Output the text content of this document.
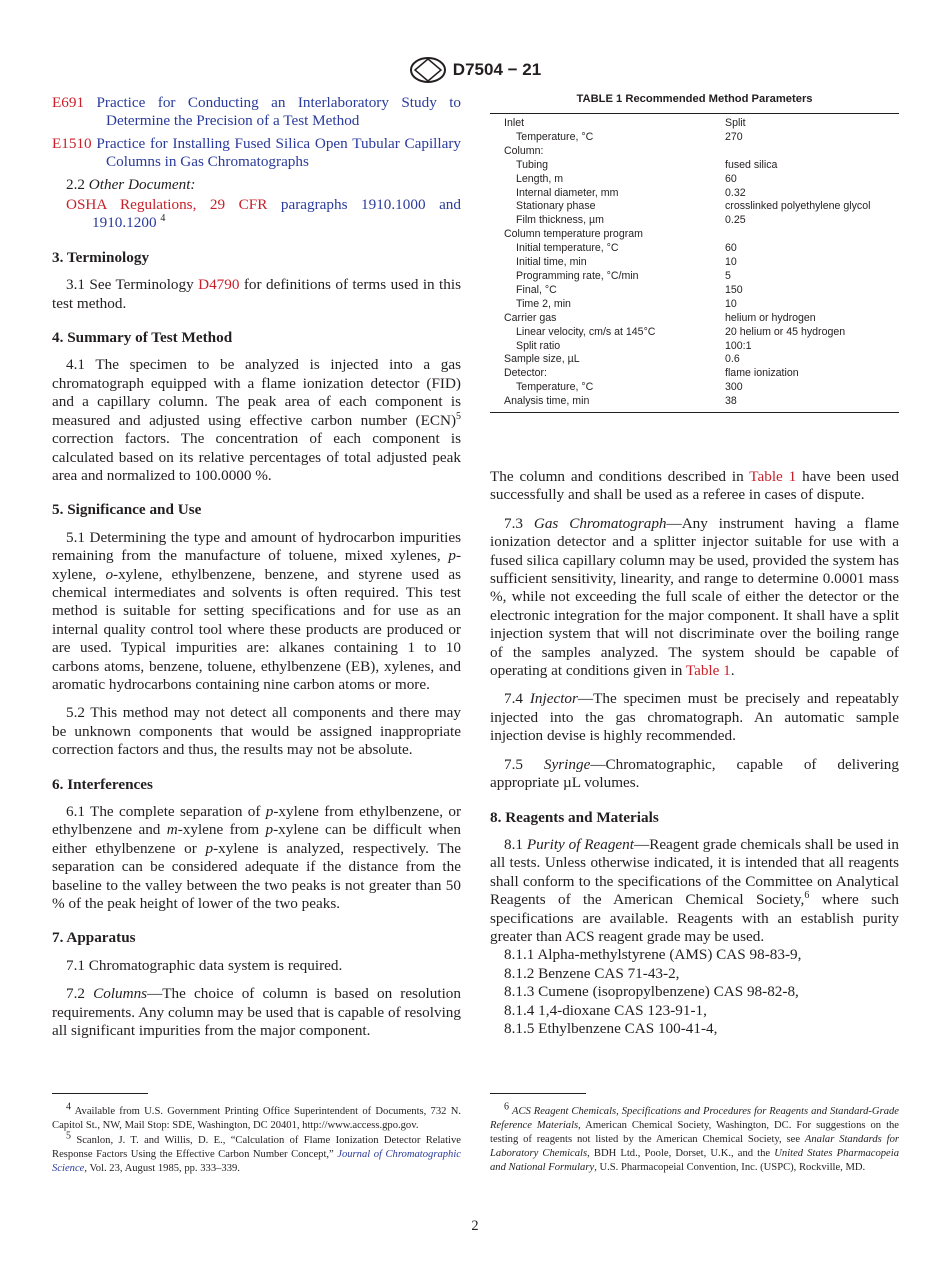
D7504 − 21

E691 Practice for Conducting an Interlaboratory Study to Determine the Precision of a Test Method

E1510 Practice for Installing Fused Silica Open Tubular Capillary Columns in Gas Chromatographs

2.2 Other Document:

OSHA Regulations, 29 CFR paragraphs 1910.1000 and 1910.1200 $^4$

3. Terminology

3.1 See Terminology D4790 for definitions of terms used in this test method.

4. Summary of Test Method

4.1 The specimen to be analyzed is injected into a gas chromatograph equipped with a flame ionization detector (FID) and a capillary column. The peak area of each component is measured and adjusted using effective carbon number (ECN)$^5$ correction factors. The concentration of each component is calculated based on its relative percentages of total adjusted peak area and normalized to 100.0000 %.

5. Significance and Use

5.1 Determining the type and amount of hydrocarbon impurities remaining from the manufacture of toluene, mixed xylenes, p-xylene, o-xylene, ethylbenzene, benzene, and styrene used as chemical intermediates and solvents is often required. This test method is suitable for setting specifications and for use as an internal quality control tool where these products are produced or are used. Typical impurities are: alkanes containing 1 to 10 carbons atoms, benzene, toluene, ethylbenzene (EB), xylenes, and aromatic hydrocarbons containing nine carbon atoms or more.

5.2 This method may not detect all components and there may be unknown components that would be assigned inappropriate correction factors and thus, the results may not be absolute.

6. Interferences

6.1 The complete separation of p-xylene from ethylbenzene, or ethylbenzene and m-xylene from p-xylene can be difficult when either ethylbenzene or p-xylene is analyzed, respectively. The separation can be considered adequate if the distance from the baseline to the valley between the two peaks is not greater than 50 % of the peak height of lower of the two peaks.

7. Apparatus

7.1 Chromatographic data system is required.

7.2 Columns—The choice of column is based on resolution requirements. Any column may be used that is capable of resolving all significant impurities from the major component.

TABLE 1 Recommended Method Parameters
Inlet	Split
Temperature, °C	270
Column:	
Tubing	fused silica
Length, m	60
Internal diameter, mm	0.32
Stationary phase	crosslinked polyethylene glycol
Film thickness, µm	0.25
Column temperature program	
Initial temperature, °C	60
Initial time, min	10
Programming rate, °C/min	5
Final, °C	150
Time 2, min	10
Carrier gas	helium or hydrogen
Linear velocity, cm/s at 145°C	20 helium or 45 hydrogen
Split ratio	100:1
Sample size, µL	0.6
Detector:	flame ionization
Temperature, °C	300
Analysis time, min	38

The column and conditions described in Table 1 have been used successfully and shall be used as a referee in cases of dispute.

7.3 Gas Chromatograph—Any instrument having a flame ionization detector and a splitter injector suitable for use with a fused silica capillary column may be used, provided the system has sufficient sensitivity, linearity, and range to determine 0.0001 mass %, while not exceeding the full scale of either the detector or the electronic integration for the major component. It shall have a split injection system that will not discriminate over the boiling range of the samples analyzed. The system should be capable of operating at conditions given in Table 1.

7.4 Injector—The specimen must be precisely and repeatably injected into the gas chromatograph. An automatic sample injection devise is highly recommended.

7.5 Syringe—Chromatographic, capable of delivering appropriate µL volumes.

8. Reagents and Materials

8.1 Purity of Reagent—Reagent grade chemicals shall be used in all tests. Unless otherwise indicated, it is intended that all reagents shall conform to the specifications of the Committee on Analytical Reagents of the American Chemical Society,$^6$ where such specifications are available. Reagents with an establish purity greater than ACS reagent grade may be used.

8.1.1 Alpha-methylstyrene (AMS) CAS 98-83-9,

8.1.2 Benzene CAS 71-43-2,

8.1.3 Cumene (isopropylbenzene) CAS 98-82-8,

8.1.4 1,4-dioxane CAS 123-91-1,

8.1.5 Ethylbenzene CAS 100-41-4,

$^4$ Available from U.S. Government Printing Office Superintendent of Documents, 732 N. Capitol St., NW, Mail Stop: SDE, Washington, DC 20401, http://www.access.gpo.gov.

$^5$ Scanlon, J. T. and Willis, D. E., “Calculation of Flame Ionization Detector Relative Response Factors Using the Effective Carbon Number Concept,” Journal of Chromatographic Science, Vol. 23, August 1985, pp. 333–339.

$^6$ ACS Reagent Chemicals, Specifications and Procedures for Reagents and Standard-Grade Reference Materials, American Chemical Society, Washington, DC. For suggestions on the testing of reagents not listed by the American Chemical Society, see Analar Standards for Laboratory Chemicals, BDH Ltd., Poole, Dorset, U.K., and the United States Pharmacopeia and National Formulary, U.S. Pharmacopeial Convention, Inc. (USPC), Rockville, MD.

2
